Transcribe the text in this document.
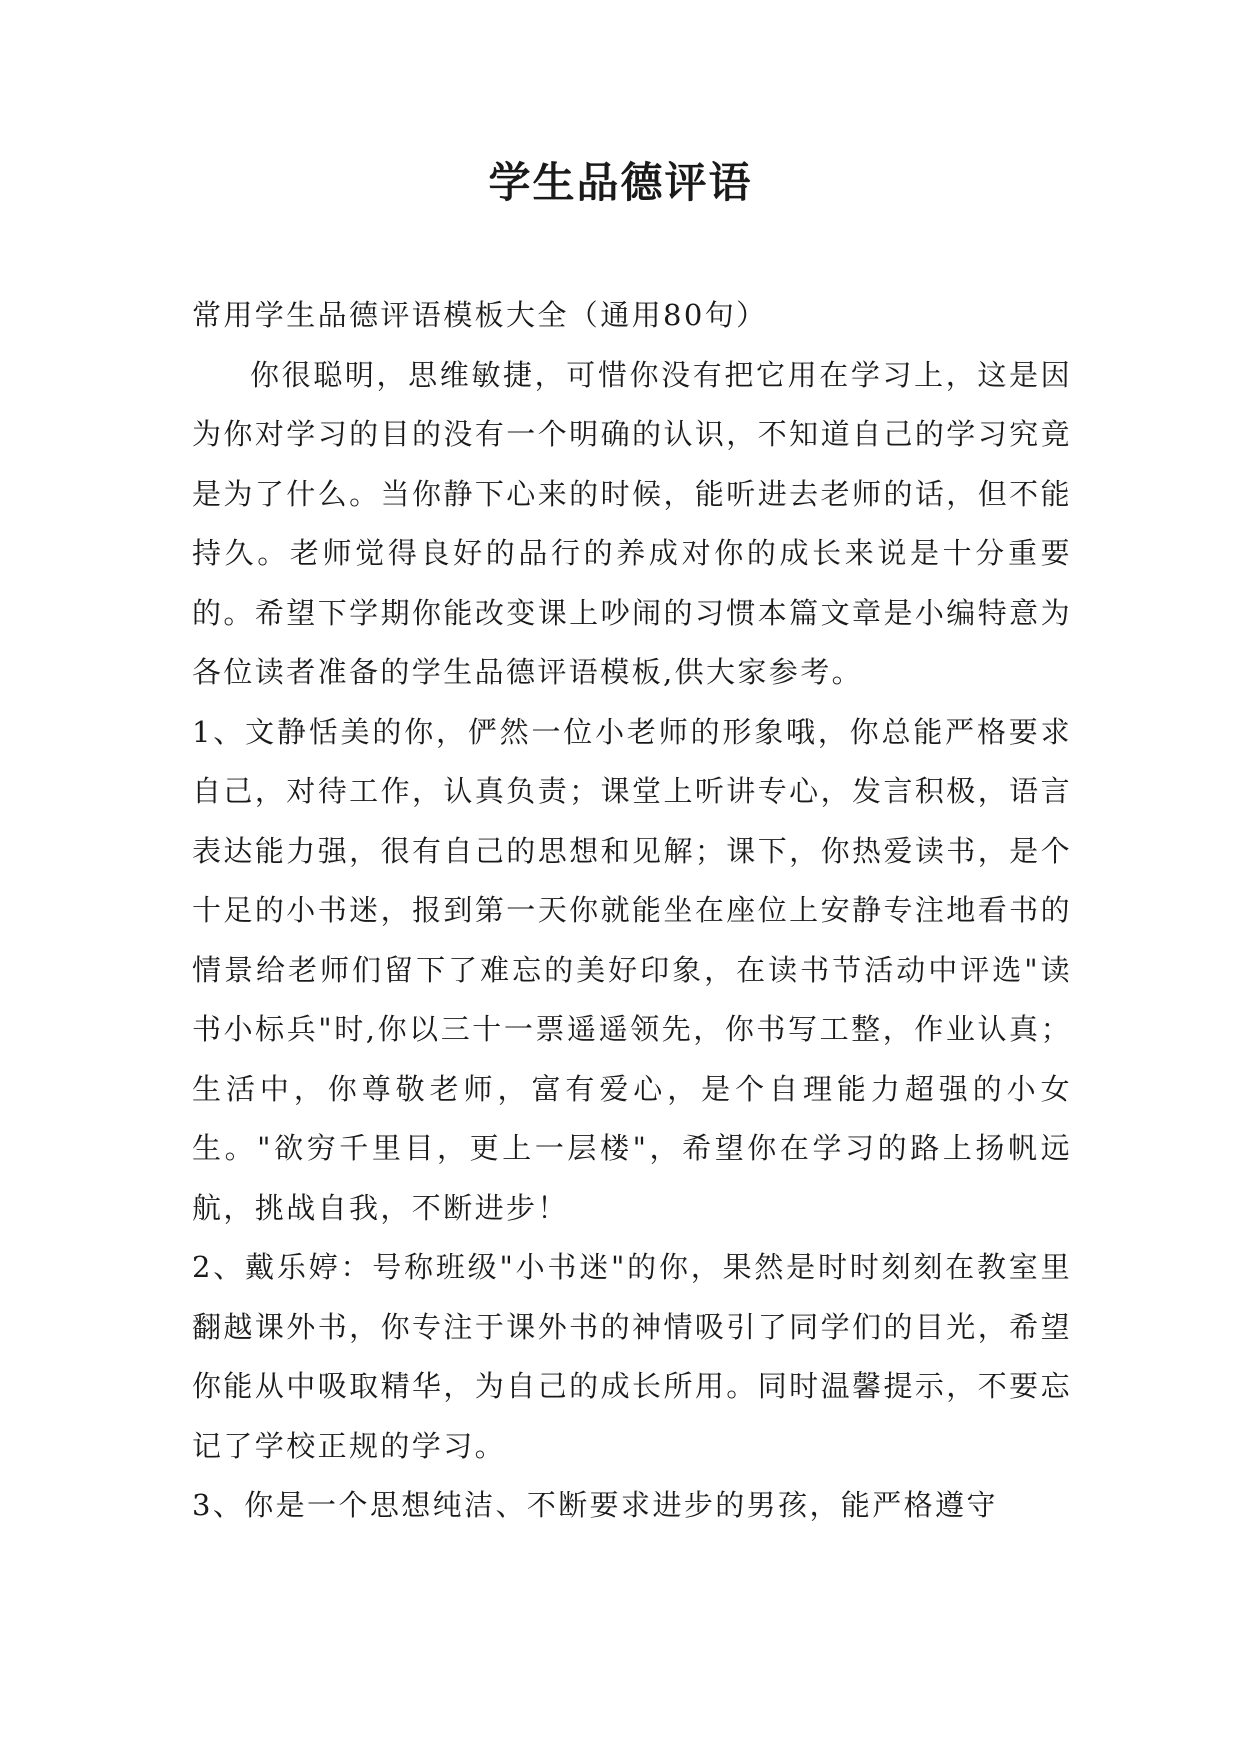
学生品德评语

常用学生品德评语模板大全（通用80句）

你很聪明，思维敏捷，可惜你没有把它用在学习上，这是因为你对学习的目的没有一个明确的认识，不知道自己的学习究竟是为了什么。当你静下心来的时候，能听进去老师的话，但不能持久。老师觉得良好的品行的养成对你的成长来说是十分重要的。希望下学期你能改变课上吵闹的习惯本篇文章是小编特意为各位读者准备的学生品德评语模板,供大家参考。

1、文静恬美的你，俨然一位小老师的形象哦，你总能严格要求自己，对待工作，认真负责；课堂上听讲专心，发言积极，语言表达能力强，很有自己的思想和见解；课下，你热爱读书，是个十足的小书迷，报到第一天你就能坐在座位上安静专注地看书的情景给老师们留下了难忘的美好印象，在读书节活动中评选"读书小标兵"时,你以三十一票遥遥领先，你书写工整，作业认真；生活中，你尊敬老师，富有爱心，是个自理能力超强的小女生。"欲穷千里目，更上一层楼"，希望你在学习的路上扬帆远航，挑战自我，不断进步！

2、戴乐婷：号称班级"小书迷"的你，果然是时时刻刻在教室里翻越课外书，你专注于课外书的神情吸引了同学们的目光，希望你能从中吸取精华，为自己的成长所用。同时温馨提示，不要忘记了学校正规的学习。

3、你是一个思想纯洁、不断要求进步的男孩，能严格遵守
